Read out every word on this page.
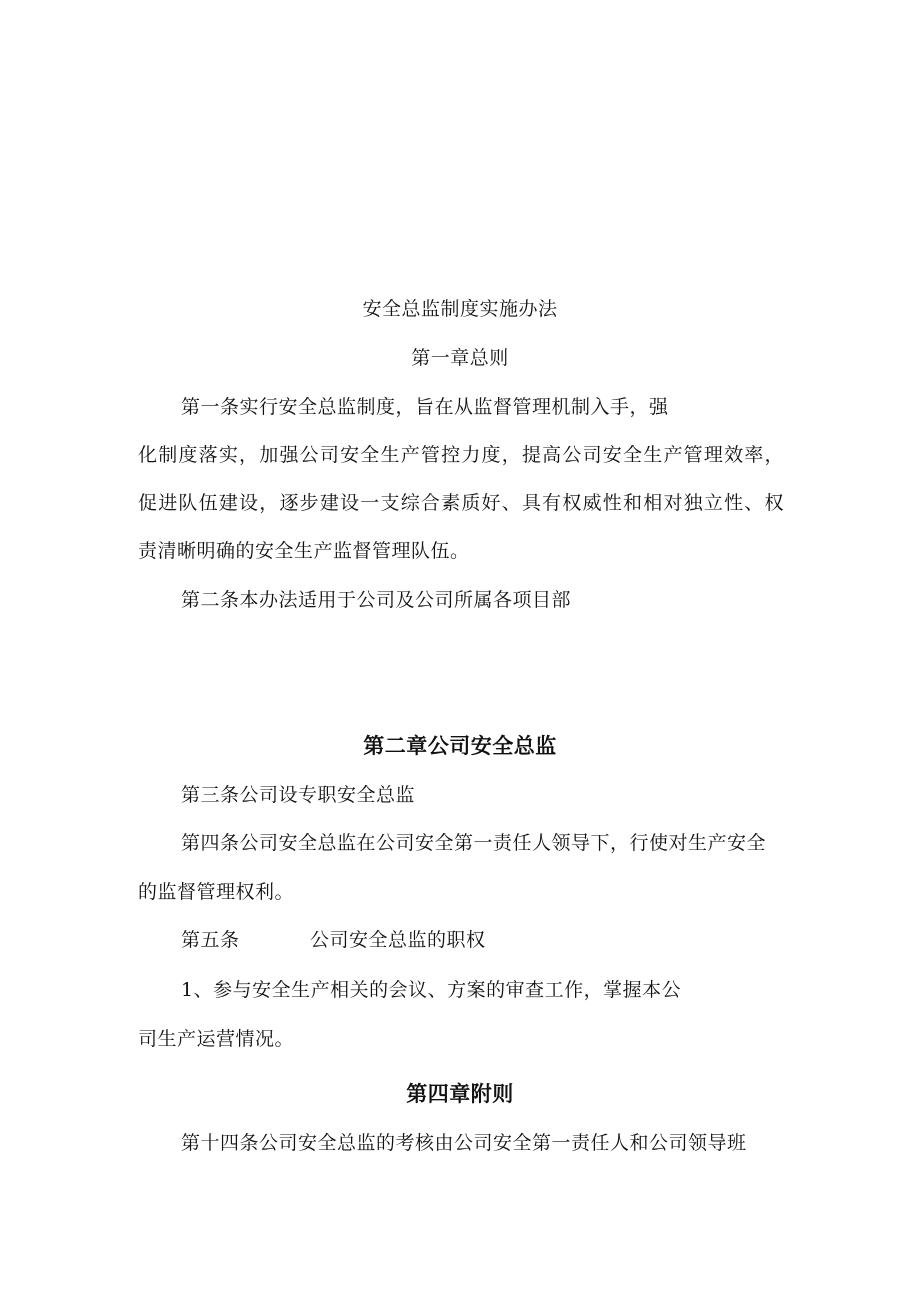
安全总监制度实施办法
第一章总则
第一条实行安全总监制度，旨在从监督管理机制入手，强
化制度落实，加强公司安全生产管控力度，提高公司安全生产管理效率，
促进队伍建设，逐步建设一支综合素质好、具有权威性和相对独立性、权
责清晰明确的安全生产监督管理队伍。
第二条本办法适用于公司及公司所属各项目部
第二章公司安全总监
第三条公司设专职安全总监
第四条公司安全总监在公司安全第一责任人领导下，行使对生产安全
的监督管理权利。
第五条	公司安全总监的职权
1、参与安全生产相关的会议、方案的审查工作，掌握本公
司生产运营情况。
第四章附则
第十四条公司安全总监的考核由公司安全第一责任人和公司领导班
